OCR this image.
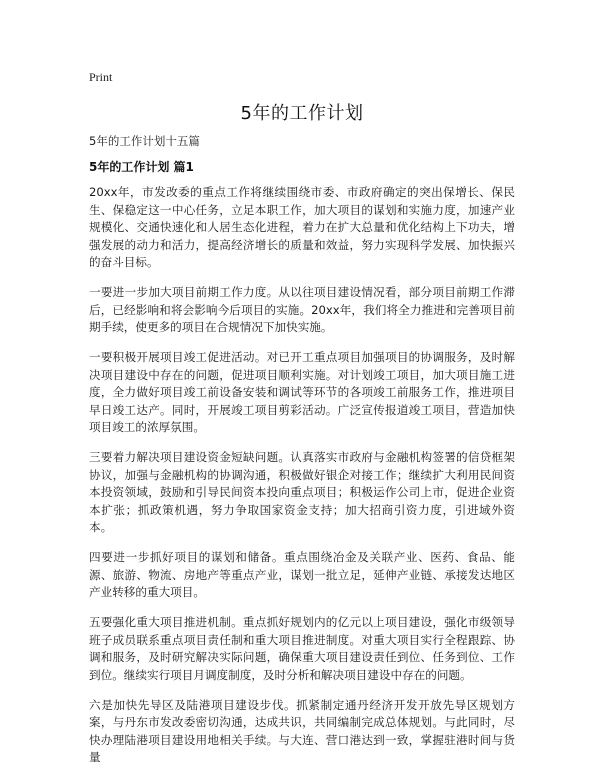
Print
5年的工作计划
5年的工作计划十五篇
5年的工作计划 篇1

20xx年，市发改委的重点工作将继续围绕市委、市政府确定的突出保增长、保民生、保稳定这一中心任务，立足本职工作，加大项目的谋划和实施力度，加速产业规模化、交通快速化和人居生态化进程，着力在扩大总量和优化结构上下功夫，增强发展的动力和活力，提高经济增长的质量和效益，努力实现科学发展、加快振兴的奋斗目标。

一要进一步加大项目前期工作力度。从以往项目建设情况看，部分项目前期工作滞后，已经影响和将会影响今后项目的实施。20xx年，我们将全力推进和完善项目前期手续，使更多的项目在合规情况下加快实施。

一要积极开展项目竣工促进活动。对已开工重点项目加强项目的协调服务，及时解决项目建设中存在的问题，促进项目顺利实施。对计划竣工项目，加大项目施工进度，全力做好项目竣工前设备安装和调试等环节的各项竣工前服务工作，推进项目早日竣工达产。同时，开展竣工项目剪彩活动。广泛宣传报道竣工项目，营造加快项目竣工的浓厚氛围。

三要着力解决项目建设资金短缺问题。认真落实市政府与金融机构签署的信贷框架协议，加强与金融机构的协调沟通，积极做好银企对接工作；继续扩大利用民间资本投资领域，鼓励和引导民间资本投向重点项目；积极运作公司上市，促进企业资本扩张；抓政策机遇，努力争取国家资金支持；加大招商引资力度，引进域外资本。

四要进一步抓好项目的谋划和储备。重点围绕冶金及关联产业、医药、食品、能源、旅游、物流、房地产等重点产业，谋划一批立足，延伸产业链、承接发达地区产业转移的重大项目。

五要强化重大项目推进机制。重点抓好规划内的亿元以上项目建设，强化市级领导班子成员联系重点项目责任制和重大项目推进制度。对重大项目实行全程跟踪、协调和服务，及时研究解决实际问题，确保重大项目建设责任到位、任务到位、工作到位。继续实行项目月调度制度，及时分析和解决项目建设中存在的问题。

六是加快先导区及陆港项目建设步伐。抓紧制定通丹经济开发开放先导区规划方案，与丹东市发改委密切沟通，达成共识，共同编制完成总体规划。与此同时，尽快办理陆港项目建设用地相关手续。与大连、营口港达到一致，掌握驻港时间与货量
